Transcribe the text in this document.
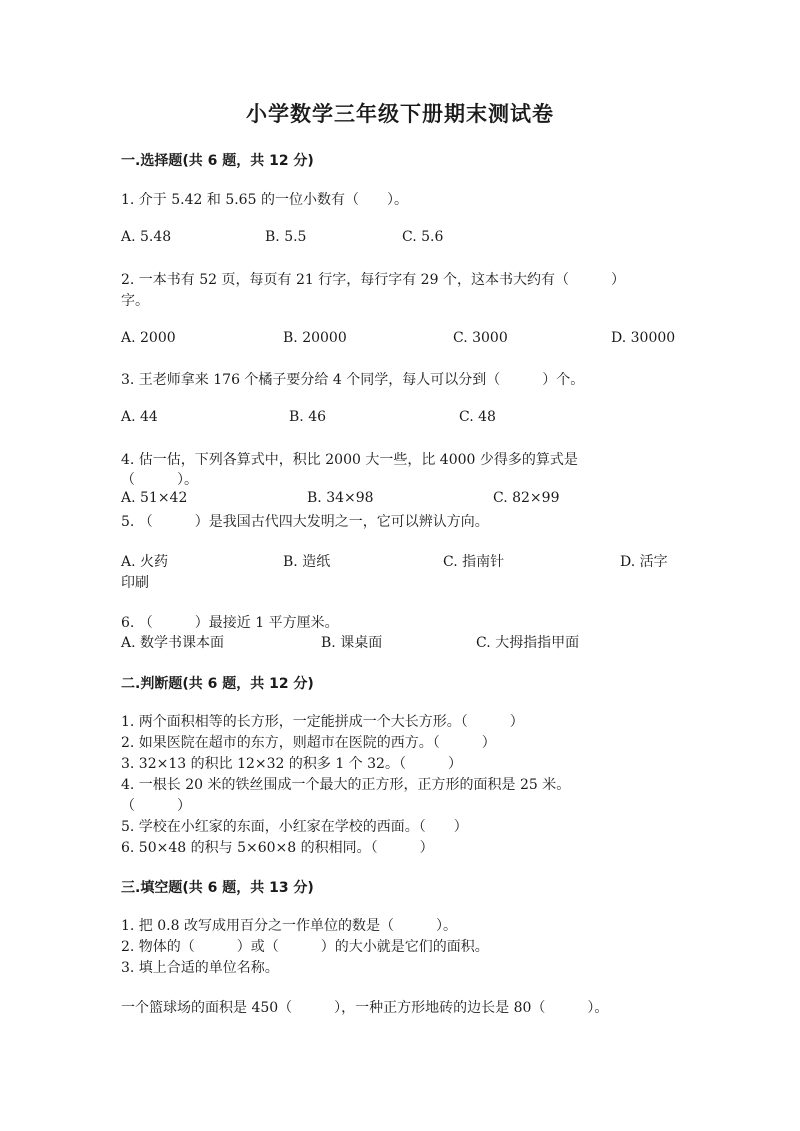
小学数学三年级下册期末测试卷
一.选择题(共 6 题，共 12 分)
1. 介于 5.42 和 5.65 的一位小数有（　　）。
A. 5.48	B. 5.5	C. 5.6
2. 一本书有 52 页，每页有 21 行字，每行字有 29 个，这本书大约有（　　　）
字。
A. 2000	B. 20000	C. 3000	D. 30000
3. 王老师拿来 176 个橘子要分给 4 个同学，每人可以分到（　　　）个。
A. 44	B. 46	C. 48
4. 估一估，下列各算式中，积比 2000 大一些，比 4000 少得多的算式是
（　　　）。
A. 51×42	B. 34×98	C. 82×99
5. （　　　）是我国古代四大发明之一，它可以辨认方向。
A. 火药	B. 造纸	C. 指南针	D. 活字
印刷
6. （　　　）最接近 1 平方厘米。
A. 数学书课本面	B. 课桌面	C. 大拇指指甲面
二.判断题(共 6 题，共 12 分)
1. 两个面积相等的长方形，一定能拼成一个大长方形。（　　　）
2. 如果医院在超市的东方，则超市在医院的西方。（　　　）
3. 32×13 的积比 12×32 的积多 1 个 32。（　　　）
4. 一根长 20 米的铁丝围成一个最大的正方形，正方形的面积是 25 米。
（　　　）
5. 学校在小红家的东面，小红家在学校的西面。（　　）
6. 50×48 的积与 5×60×8 的积相同。（　　　）
三.填空题(共 6 题，共 13 分)
1. 把 0.8 改写成用百分之一作单位的数是（　　　）。
2. 物体的（　　　）或（　　　）的大小就是它们的面积。
3. 填上合适的单位名称。
一个篮球场的面积是 450（　　　），一种正方形地砖的边长是 80（　　　）。
